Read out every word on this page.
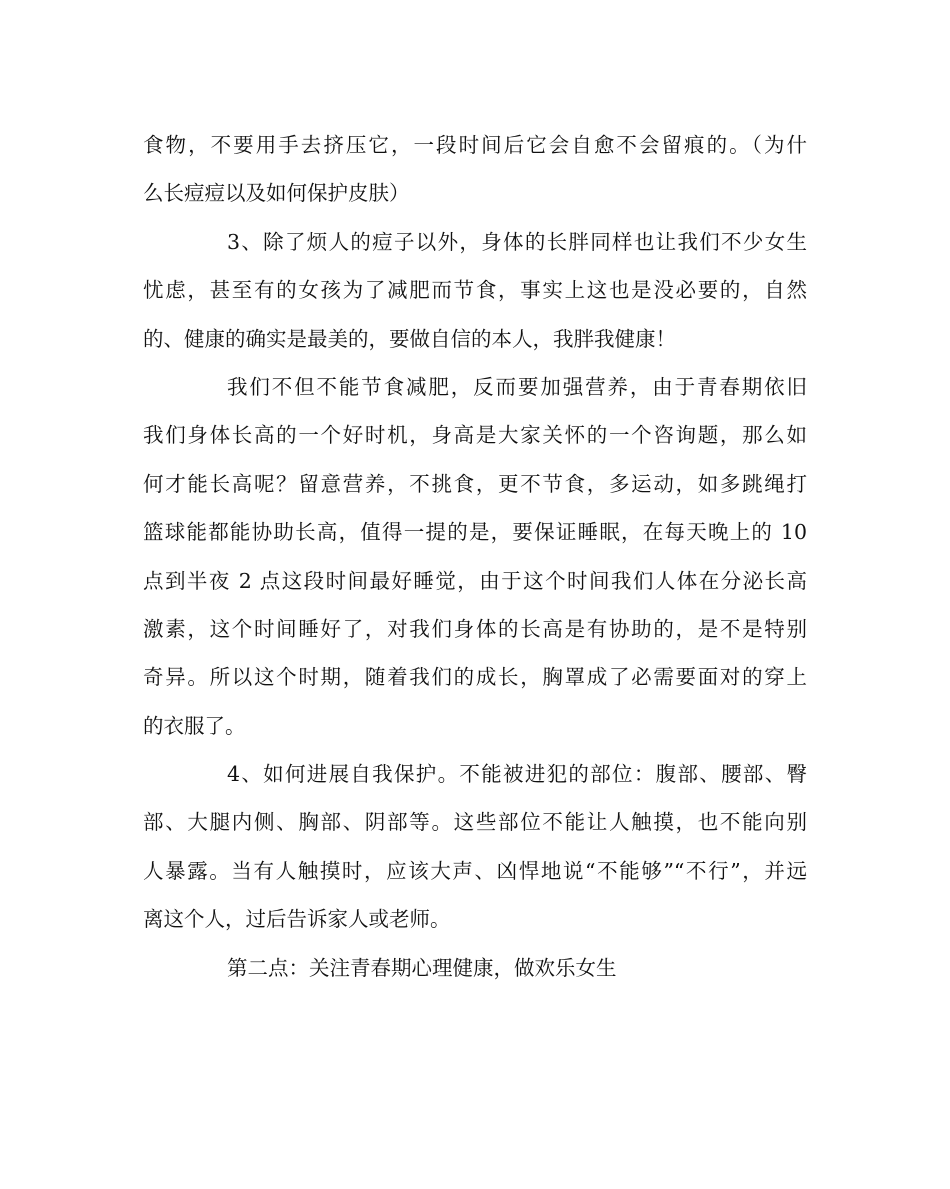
食物，不要用手去挤压它，一段时间后它会自愈不会留痕的。（为什
么长痘痘以及如何保护皮肤）
3、除了烦人的痘子以外，身体的长胖同样也让我们不少女生
忧虑，甚至有的女孩为了减肥而节食，事实上这也是没必要的，自然
的、健康的确实是最美的，要做自信的本人，我胖我健康！
我们不但不能节食减肥，反而要加强营养，由于青春期依旧
我们身体长高的一个好时机，身高是大家关怀的一个咨询题，那么如
何才能长高呢？留意营养，不挑食，更不节食，多运动，如多跳绳打
篮球能都能协助长高，值得一提的是，要保证睡眠，在每天晚上的 10
点到半夜 2 点这段时间最好睡觉，由于这个时间我们人体在分泌长高
激素，这个时间睡好了，对我们身体的长高是有协助的，是不是特别
奇异。所以这个时期，随着我们的成长，胸罩成了必需要面对的穿上
的衣服了。
4、如何进展自我保护。不能被进犯的部位：腹部、腰部、臀
部、大腿内侧、胸部、阴部等。这些部位不能让人触摸，也不能向别
人暴露。当有人触摸时，应该大声、凶悍地说“不能够”“不行”，并远
离这个人，过后告诉家人或老师。
第二点：关注青春期心理健康，做欢乐女生
